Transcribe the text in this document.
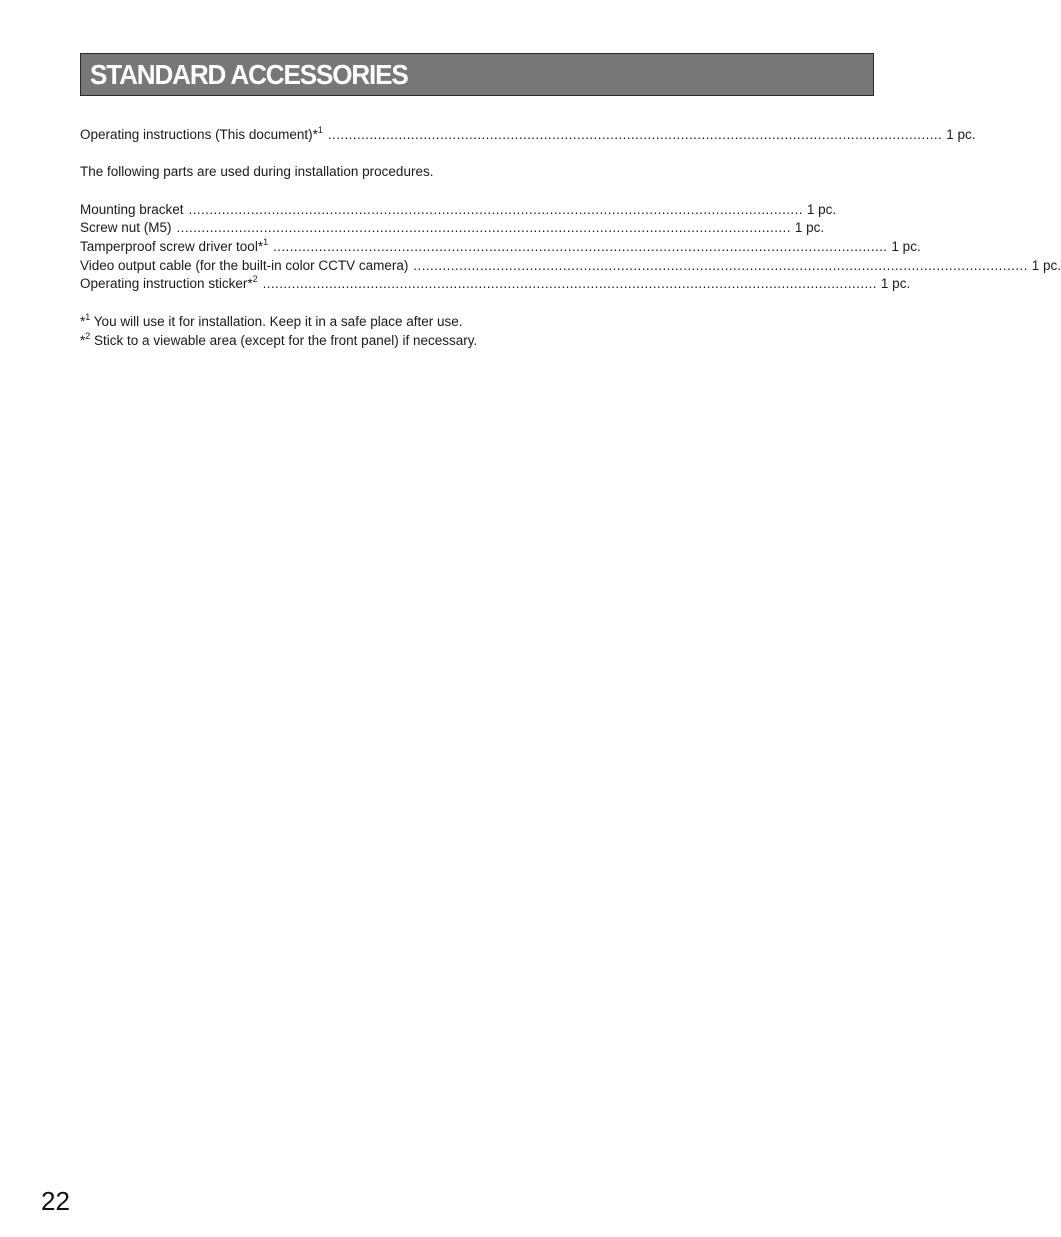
STANDARD ACCESSORIES
Operating instructions (This document)*$^1$ .................................................................................................................................................... 1 pc.
The following parts are used during installation procedures.
Mounting bracket .................................................................................................................................................... 1 pc.
Screw nut (M5) .................................................................................................................................................... 1 pc.
Tamperproof screw driver tool*$^1$ .................................................................................................................................................... 1 pc.
Video output cable (for the built-in color CCTV camera) .................................................................................................................................................... 1 pc.
Operating instruction sticker*$^2$ .................................................................................................................................................... 1 pc.
*$^1$ You will use it for installation. Keep it in a safe place after use.
*$^2$ Stick to a viewable area (except for the front panel) if necessary.
22
